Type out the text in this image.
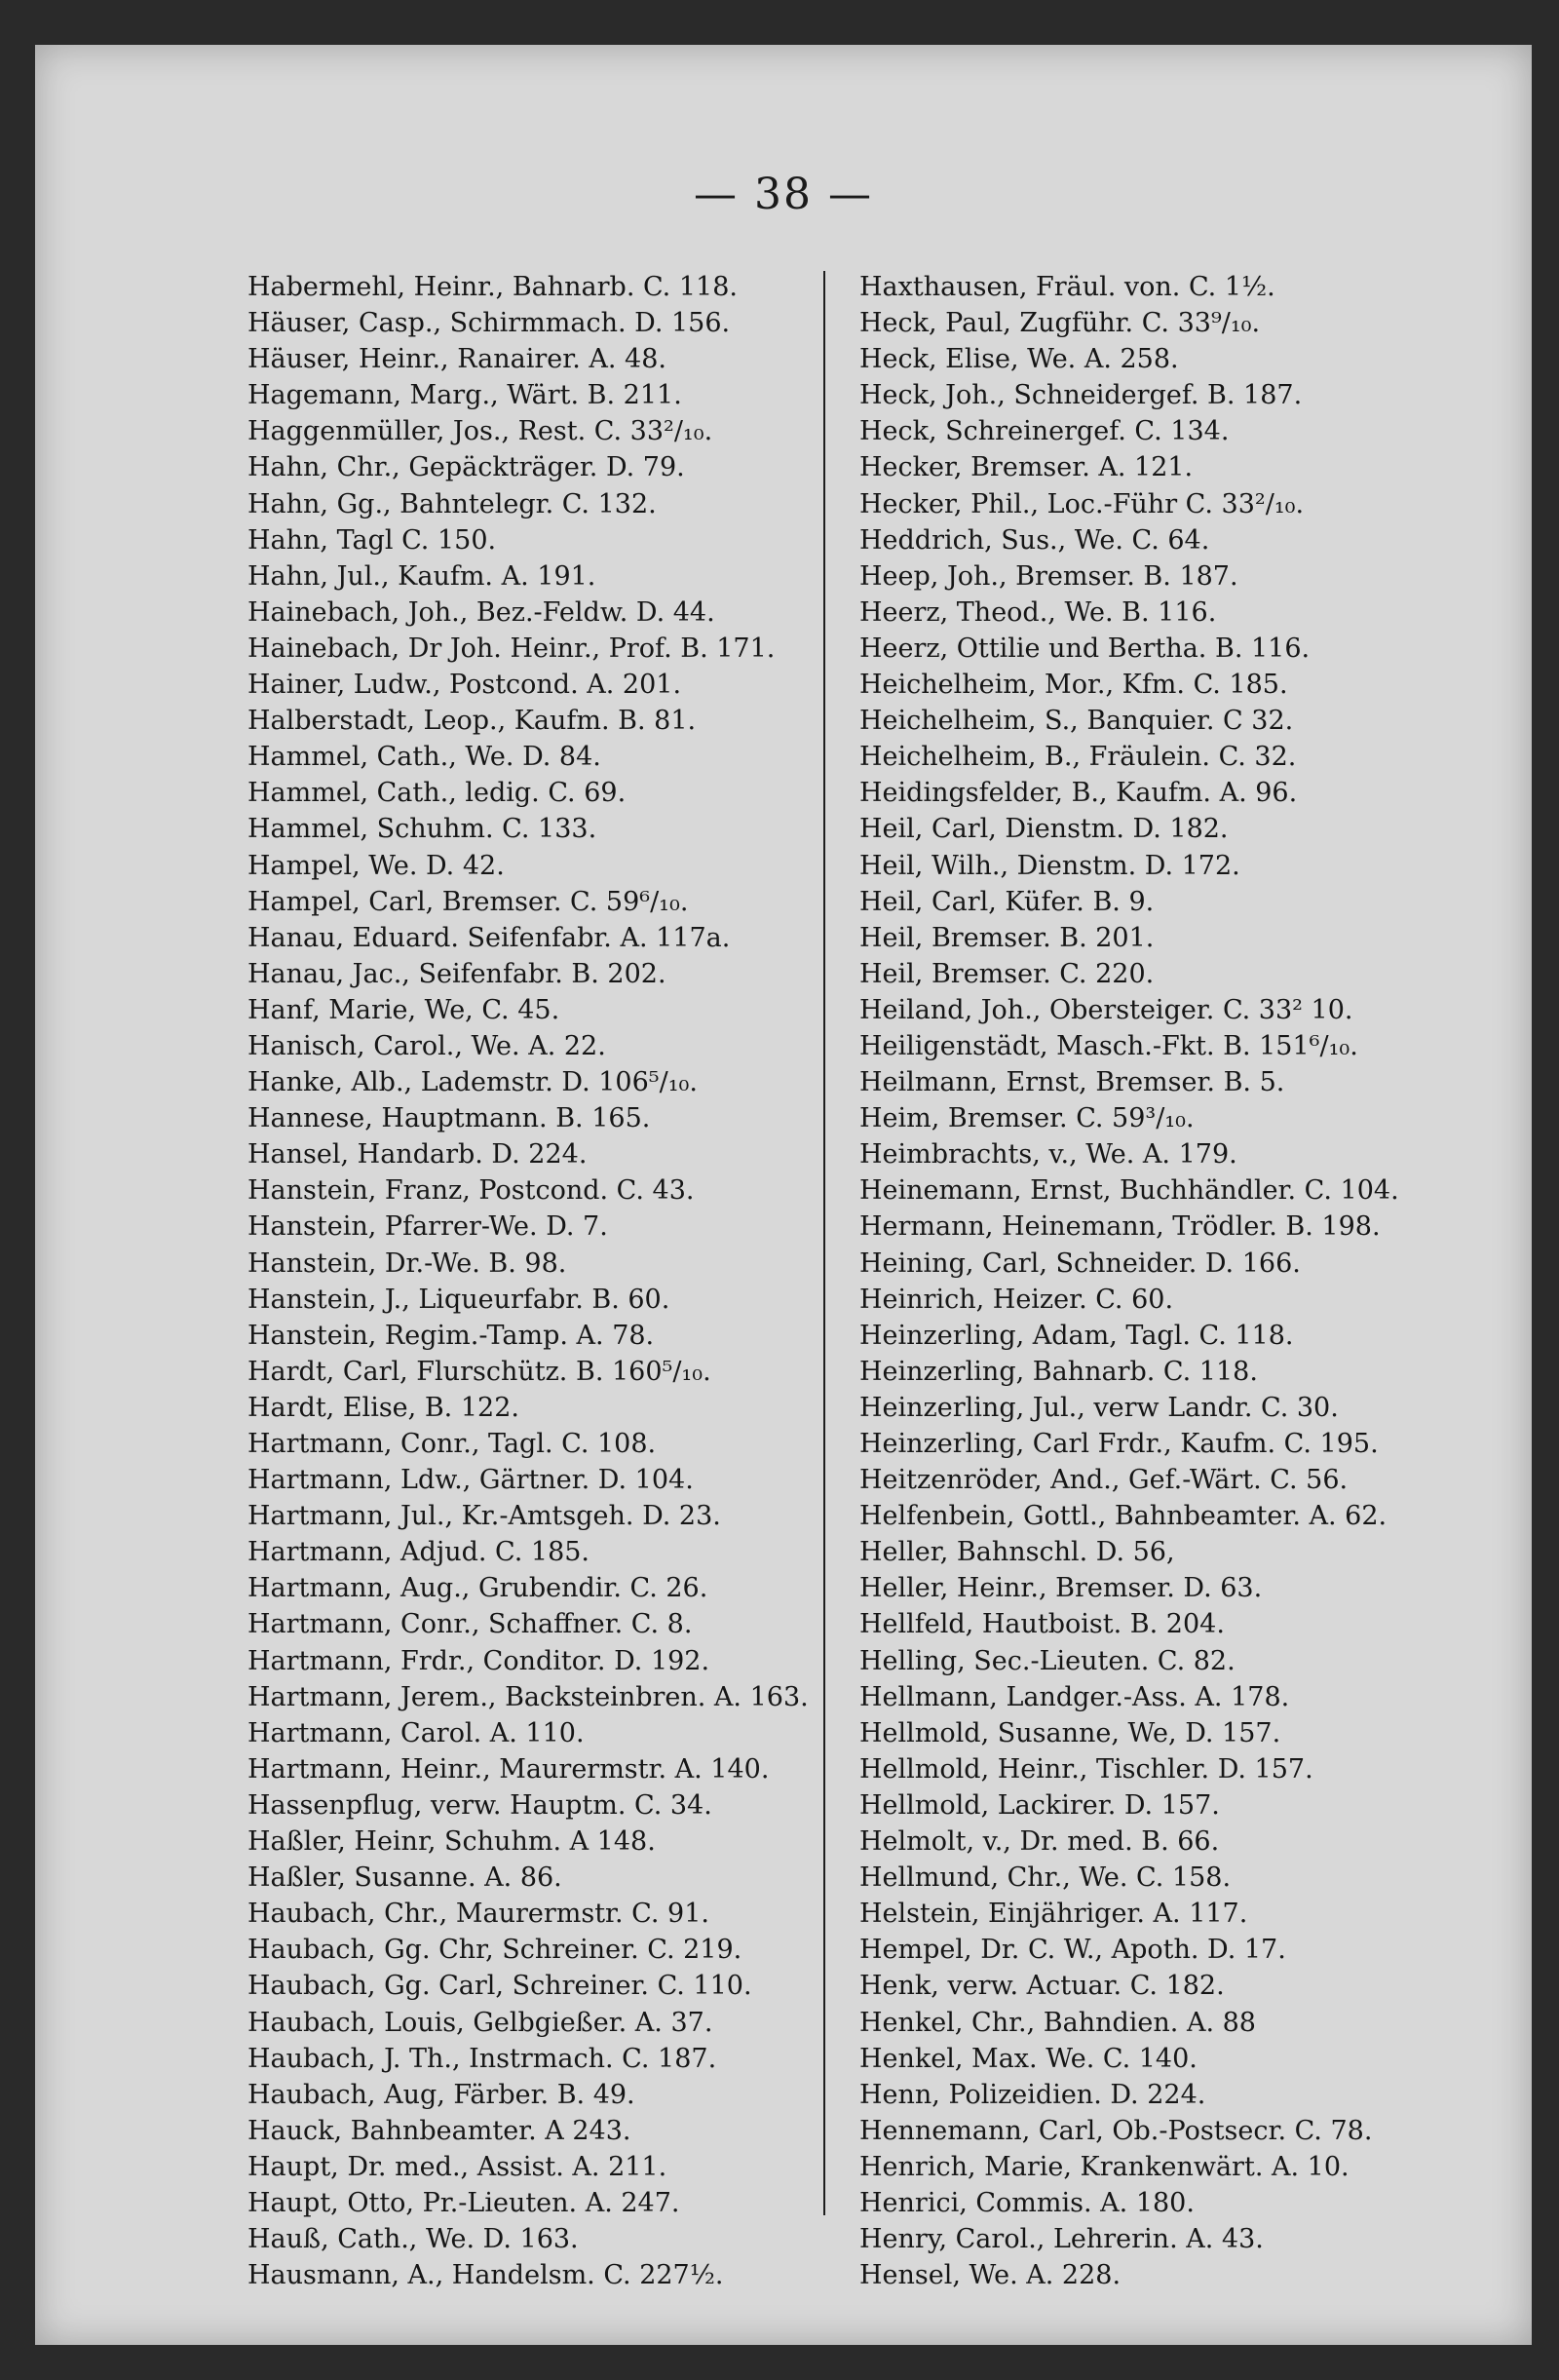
— 38 —
Habermehl, Heinr., Bahnarb. C. 118.
Häuser, Casp., Schirmmach. D. 156.
Häuser, Heinr., Ranairer. A. 48.
Hagemann, Marg., Wärt. B. 211.
Haggenmüller, Jos., Rest. C. 33²/₁₀.
Hahn, Chr., Gepäckträger. D. 79.
Hahn, Gg., Bahntelegr. C. 132.
Hahn, Tagl C. 150.
Hahn, Jul., Kaufm. A. 191.
Hainebach, Joh., Bez.-Feldw. D. 44.
Hainebach, Dr Joh. Heinr., Prof. B. 171.
Hainer, Ludw., Postcond. A. 201.
Halberstadt, Leop., Kaufm. B. 81.
Hammel, Cath., We. D. 84.
Hammel, Cath., ledig. C. 69.
Hammel, Schuhm. C. 133.
Hampel, We. D. 42.
Hampel, Carl, Bremser. C. 59⁶/₁₀.
Hanau, Eduard. Seifenfabr. A. 117a.
Hanau, Jac., Seifenfabr. B. 202.
Hanf, Marie, We, C. 45.
Hanisch, Carol., We. A. 22.
Hanke, Alb., Lademstr. D. 106⁵/₁₀.
Hannese, Hauptmann. B. 165.
Hansel, Handarb. D. 224.
Hanstein, Franz, Postcond. C. 43.
Hanstein, Pfarrer-We. D. 7.
Hanstein, Dr.-We. B. 98.
Hanstein, J., Liqueurfabr. B. 60.
Hanstein, Regim.-Tamp. A. 78.
Hardt, Carl, Flurschütz. B. 160⁵/₁₀.
Hardt, Elise, B. 122.
Hartmann, Conr., Tagl. C. 108.
Hartmann, Ldw., Gärtner. D. 104.
Hartmann, Jul., Kr.-Amtsgeh. D. 23.
Hartmann, Adjud. C. 185.
Hartmann, Aug., Grubendir. C. 26.
Hartmann, Conr., Schaffner. C. 8.
Hartmann, Frdr., Conditor. D. 192.
Hartmann, Jerem., Backsteinbren. A. 163.
Hartmann, Carol. A. 110.
Hartmann, Heinr., Maurermstr. A. 140.
Hassenpflug, verw. Hauptm. C. 34.
Haßler, Heinr, Schuhm. A 148.
Haßler, Susanne. A. 86.
Haubach, Chr., Maurermstr. C. 91.
Haubach, Gg. Chr, Schreiner. C. 219.
Haubach, Gg. Carl, Schreiner. C. 110.
Haubach, Louis, Gelbgießer. A. 37.
Haubach, J. Th., Instrmach. C. 187.
Haubach, Aug, Färber. B. 49.
Hauck, Bahnbeamter. A 243.
Haupt, Dr. med., Assist. A. 211.
Haupt, Otto, Pr.-Lieuten. A. 247.
Hauß, Cath., We. D. 163.
Hausmann, A., Handelsm. C. 227½.
Haxthausen, Fräul. von. C. 1½.
Heck, Paul, Zugführ. C. 33⁹/₁₀.
Heck, Elise, We. A. 258.
Heck, Joh., Schneidergef. B. 187.
Heck, Schreinergef. C. 134.
Hecker, Bremser. A. 121.
Hecker, Phil., Loc.-Führ C. 33²/₁₀.
Heddrich, Sus., We. C. 64.
Heep, Joh., Bremser. B. 187.
Heerz, Theod., We. B. 116.
Heerz, Ottilie und Bertha. B. 116.
Heichelheim, Mor., Kfm. C. 185.
Heichelheim, S., Banquier. C 32.
Heichelheim, B., Fräulein. C. 32.
Heidingsfelder, B., Kaufm. A. 96.
Heil, Carl, Dienstm. D. 182.
Heil, Wilh., Dienstm. D. 172.
Heil, Carl, Küfer. B. 9.
Heil, Bremser. B. 201.
Heil, Bremser. C. 220.
Heiland, Joh., Obersteiger. C. 33² 10.
Heiligenstädt, Masch.-Fkt. B. 151⁶/₁₀.
Heilmann, Ernst, Bremser. B. 5.
Heim, Bremser. C. 59³/₁₀.
Heimbrachts, v., We. A. 179.
Heinemann, Ernst, Buchhändler. C. 104.
Hermann, Heinemann, Trödler. B. 198.
Heining, Carl, Schneider. D. 166.
Heinrich, Heizer. C. 60.
Heinzerling, Adam, Tagl. C. 118.
Heinzerling, Bahnarb. C. 118.
Heinzerling, Jul., verw Landr. C. 30.
Heinzerling, Carl Frdr., Kaufm. C. 195.
Heitzenröder, And., Gef.-Wärt. C. 56.
Helfenbein, Gottl., Bahnbeamter. A. 62.
Heller, Bahnschl. D. 56,
Heller, Heinr., Bremser. D. 63.
Hellfeld, Hautboist. B. 204.
Helling, Sec.-Lieuten. C. 82.
Hellmann, Landger.-Ass. A. 178.
Hellmold, Susanne, We, D. 157.
Hellmold, Heinr., Tischler. D. 157.
Hellmold, Lackirer. D. 157.
Helmolt, v., Dr. med. B. 66.
Hellmund, Chr., We. C. 158.
Helstein, Einjähriger. A. 117.
Hempel, Dr. C. W., Apoth. D. 17.
Henk, verw. Actuar. C. 182.
Henkel, Chr., Bahndien. A. 88
Henkel, Max. We. C. 140.
Henn, Polizeidien. D. 224.
Hennemann, Carl, Ob.-Postsecr. C. 78.
Henrich, Marie, Krankenwärt. A. 10.
Henrici, Commis. A. 180.
Henry, Carol., Lehrerin. A. 43.
Hensel, We. A. 228.
